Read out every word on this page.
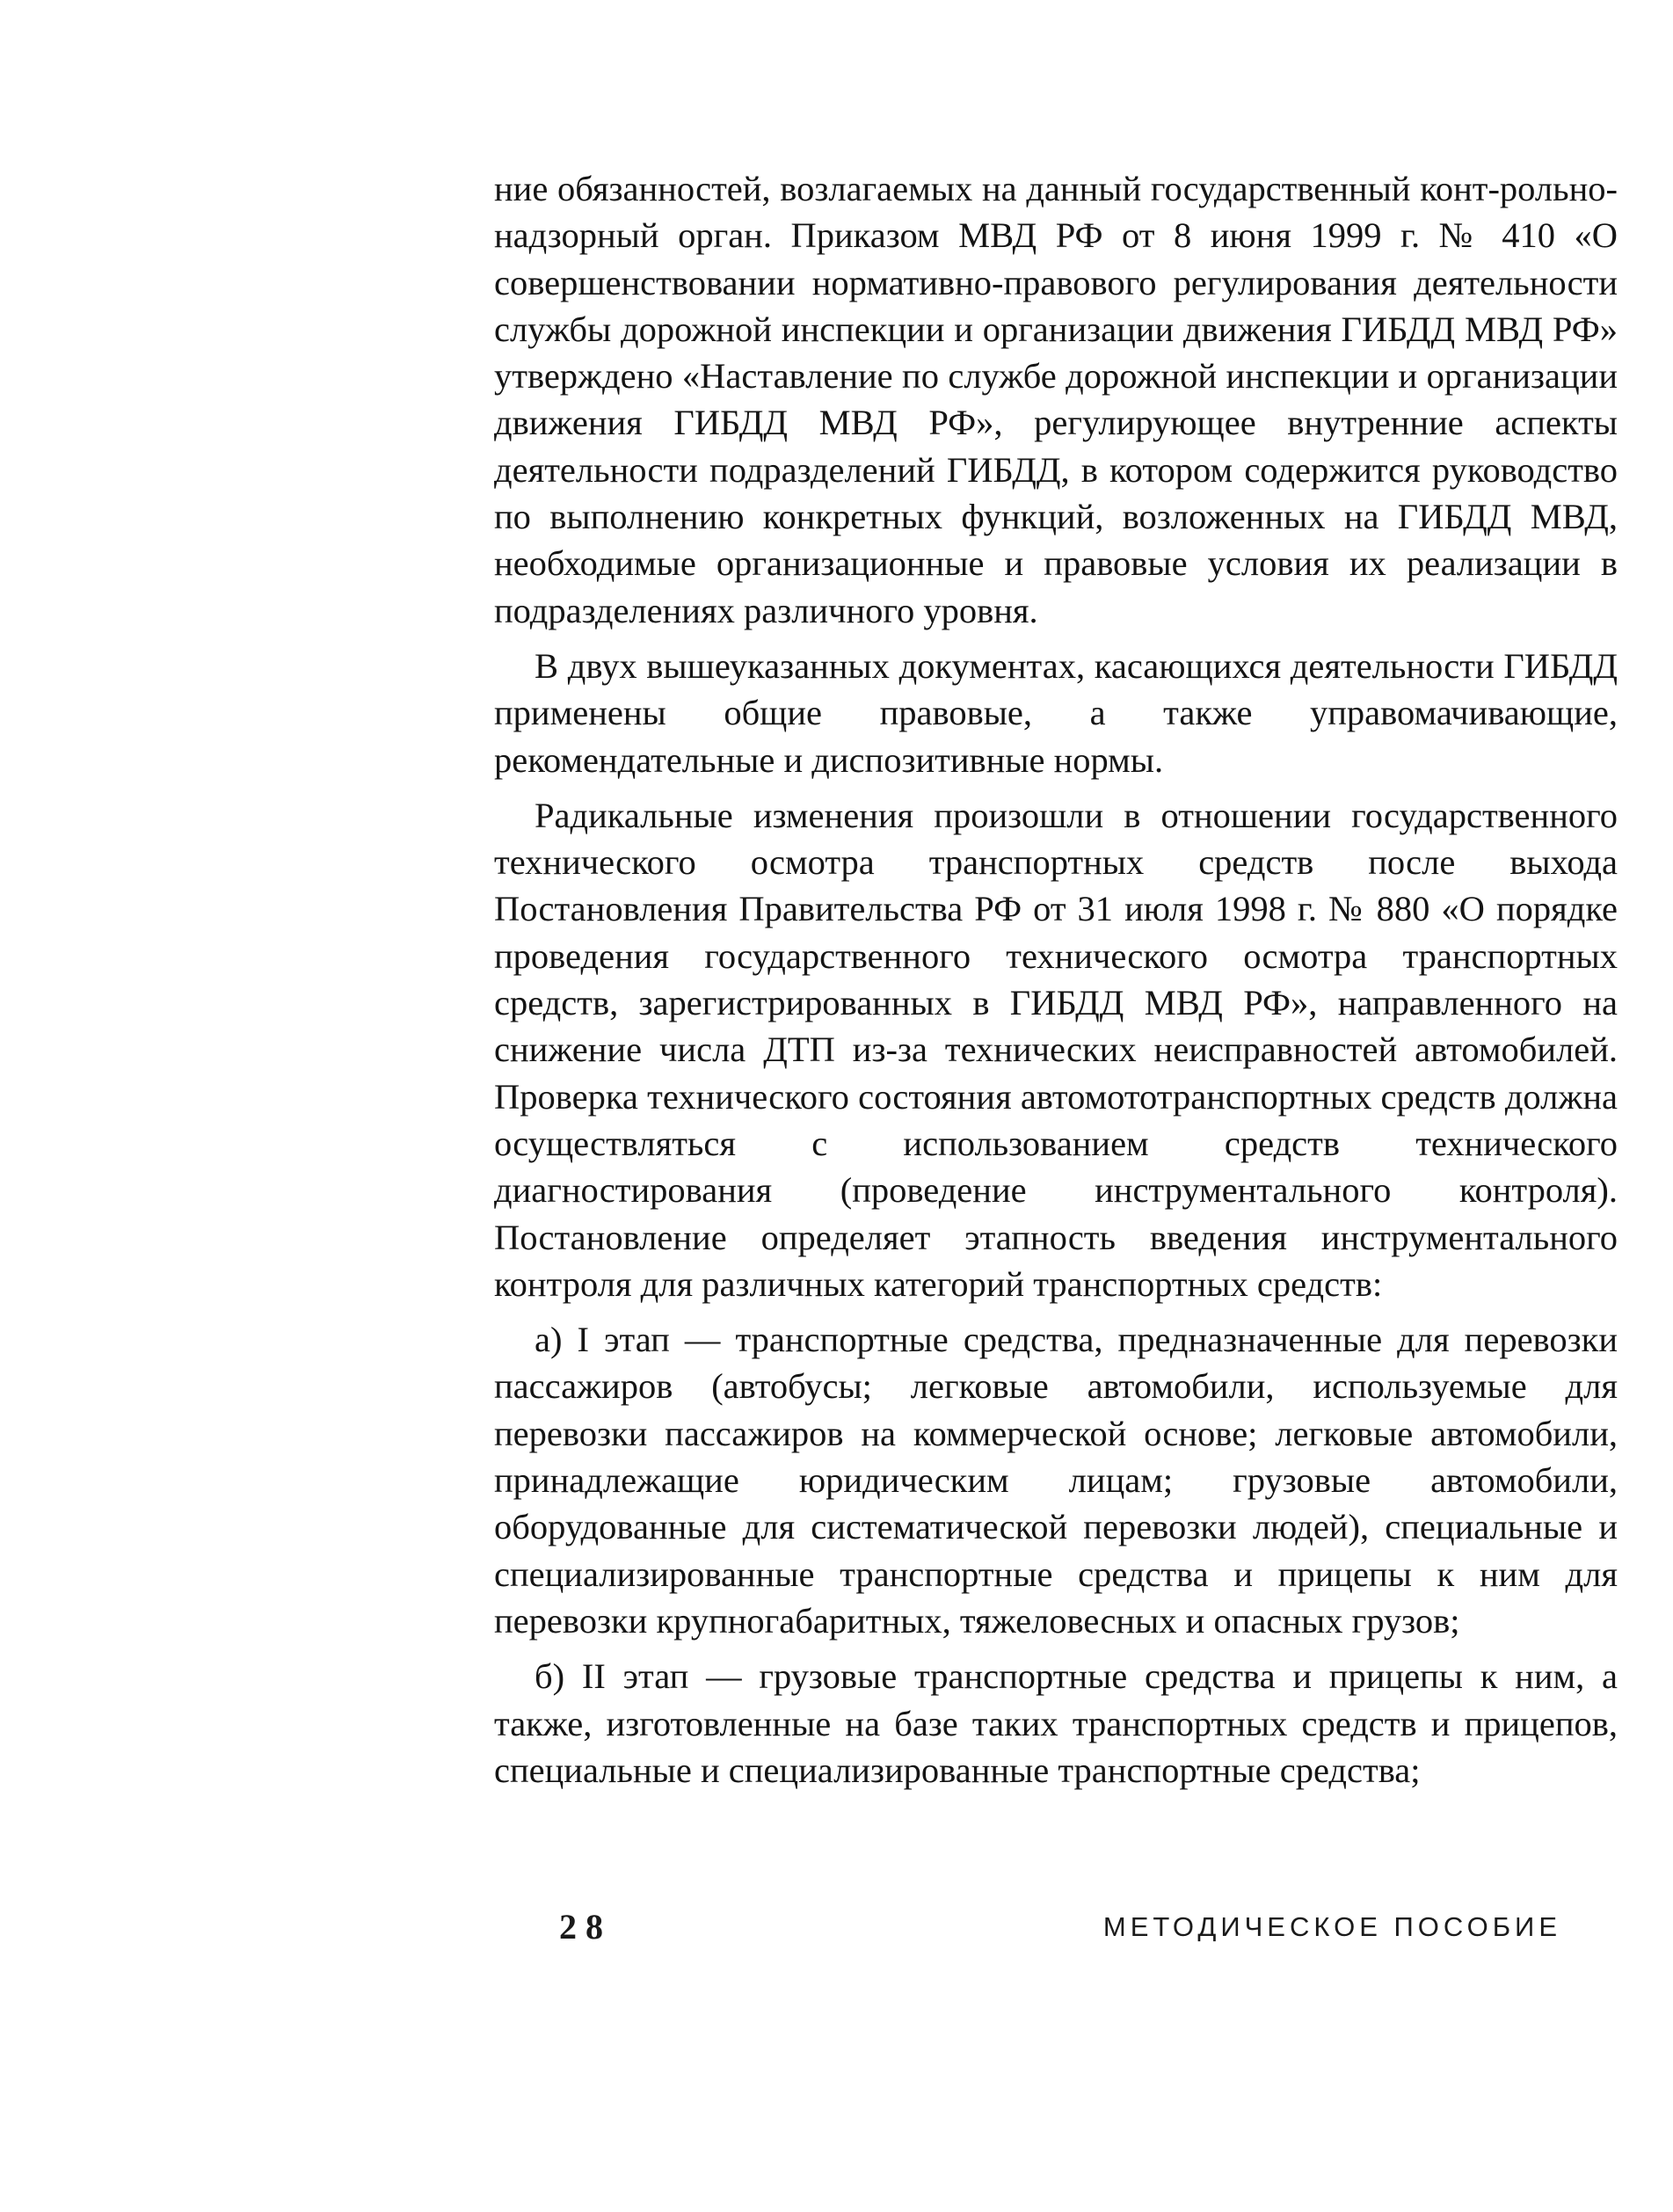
ние обязанностей, возлагаемых на данный государственный конт-рольно-надзорный орган. Приказом МВД РФ от 8 июня 1999 г. № 410 «О совершенствовании нормативно-правового регулирования деятельности службы дорожной инспекции и организации движения ГИБДД МВД РФ» утверждено «Наставление по службе дорожной инспекции и организации движения ГИБДД МВД РФ», регулирующее внутренние аспекты деятельности подразделений ГИБДД, в котором содержится руководство по выполнению конкретных функций, возложенных на ГИБДД МВД, необходимые организационные и правовые условия их реализации в подразделениях различного уровня.

В двух вышеуказанных документах, касающихся деятельности ГИБДД применены общие правовые, а также управомачивающие, рекомендательные и диспозитивные нормы.

Радикальные изменения произошли в отношении государственного технического осмотра транспортных средств после выхода Постановления Правительства РФ от 31 июля 1998 г. № 880 «О порядке проведения государственного технического осмотра транспортных средств, зарегистрированных в ГИБДД МВД РФ», направленного на снижение числа ДТП из-за технических неисправностей автомобилей. Проверка технического состояния автомототранспортных средств должна осуществляться с использованием средств технического диагностирования (проведение инструментального контроля). Постановление определяет этапность введения инструментального контроля для различных категорий транспортных средств:

а) I этап — транспортные средства, предназначенные для перевозки пассажиров (автобусы; легковые автомобили, используемые для перевозки пассажиров на коммерческой основе; легковые автомобили, принадлежащие юридическим лицам; грузовые автомобили, оборудованные для систематической перевозки людей), специальные и специализированные транспортные средства и прицепы к ним для перевозки крупногабаритных, тяжеловесных и опасных грузов;

б) II этап — грузовые транспортные средства и прицепы к ним, а также, изготовленные на базе таких транспортных средств и прицепов, специальные и специализированные транспортные средства;

28	МЕТОДИЧЕСКОЕ ПОСОБИЕ
